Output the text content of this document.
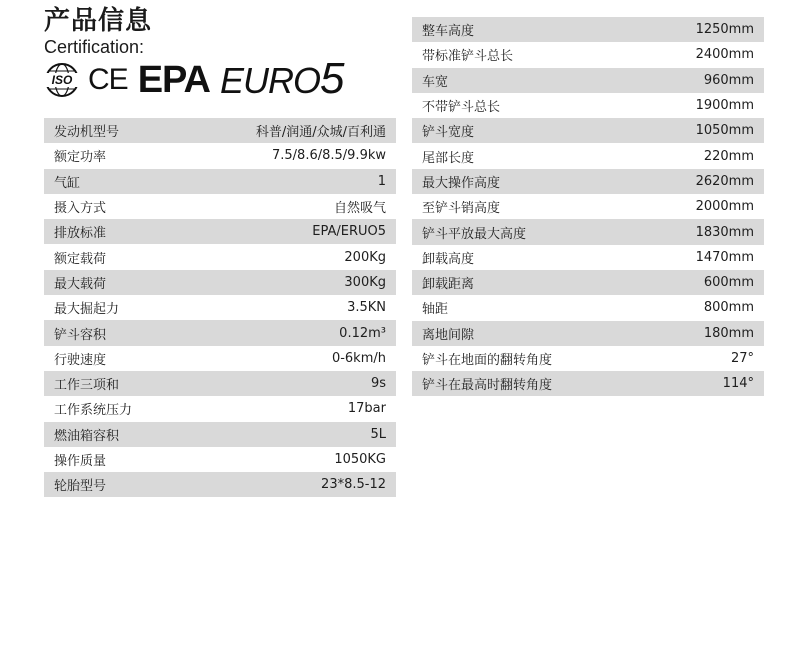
产品信息
Certification:
ISO CE EPA EURO5
发动机型号	科普/润通/众城/百利通
额定功率	7.5/8.6/8.5/9.9kw
气缸	1
摄入方式	自然吸气
排放标准	EPA/ERUO5
额定载荷	200Kg
最大载荷	300Kg
最大掘起力	3.5KN
铲斗容积	0.12m³
行驶速度	0-6km/h
工作三项和	9s
工作系统压力	17bar
燃油箱容积	5L
操作质量	1050KG
轮胎型号	23*8.5-12
整车高度	1250mm
带标准铲斗总长	2400mm
车宽	960mm
不带铲斗总长	1900mm
铲斗宽度	1050mm
尾部长度	220mm
最大操作高度	2620mm
至铲斗销高度	2000mm
铲斗平放最大高度	1830mm
卸载高度	1470mm
卸载距离	600mm
轴距	800mm
离地间隙	180mm
铲斗在地面的翻转角度	27°
铲斗在最高时翻转角度	114°
